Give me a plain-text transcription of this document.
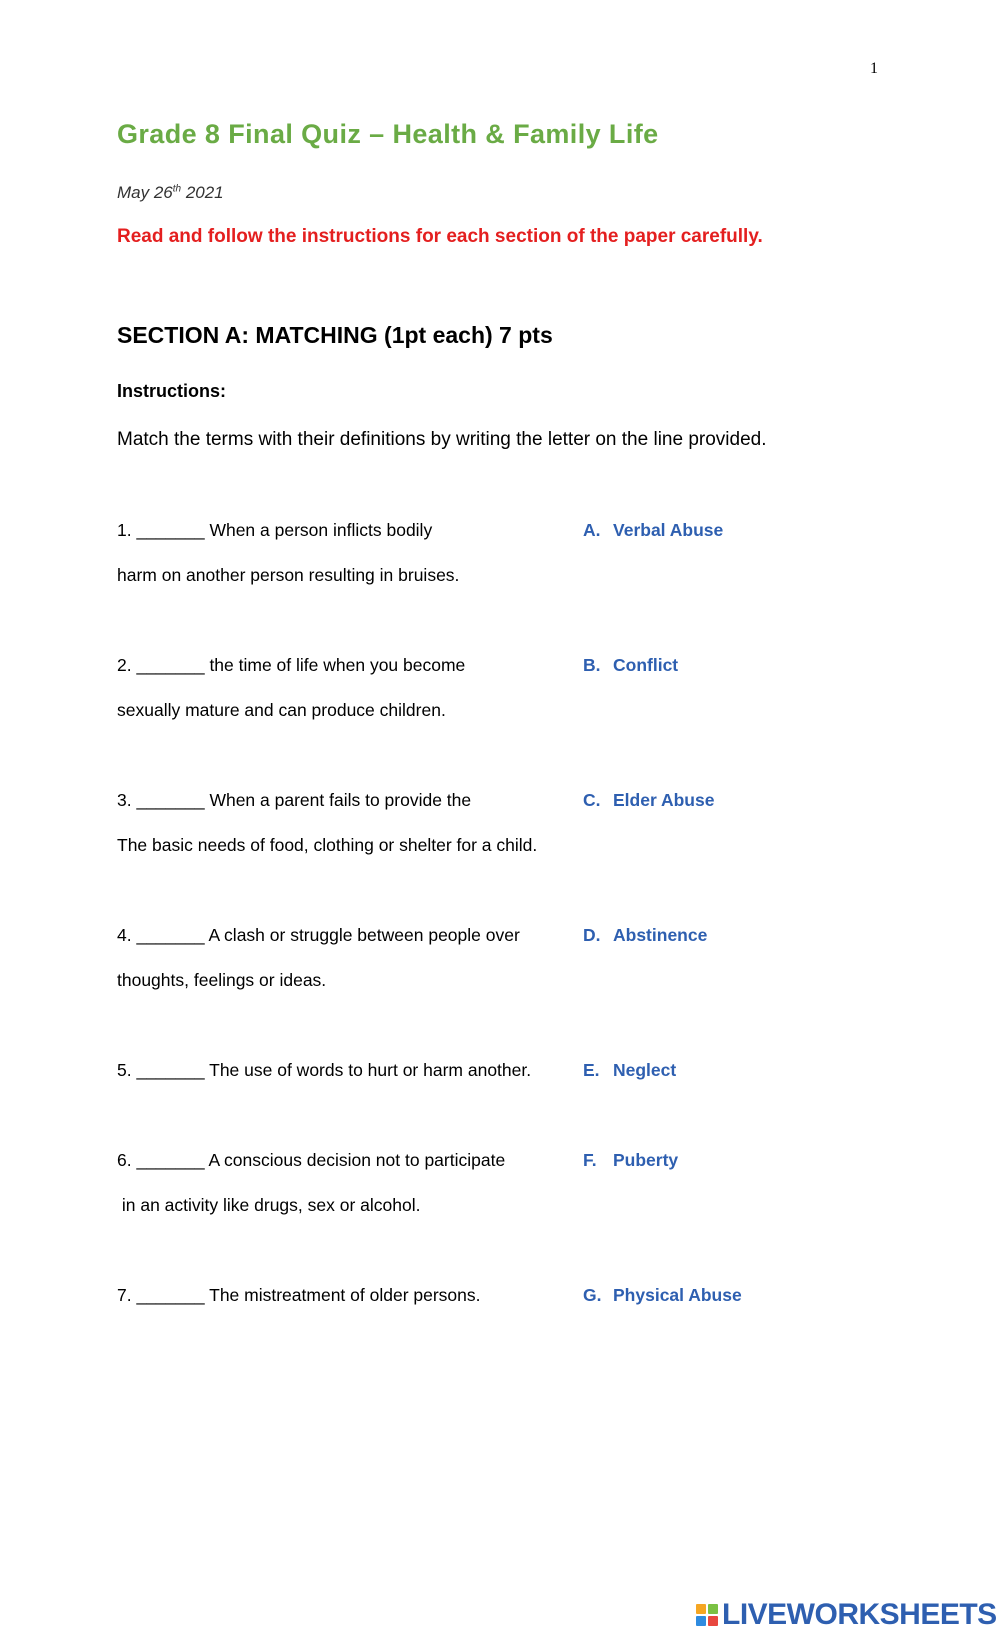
1
Grade 8 Final Quiz – Health & Family Life
May 26th 2021
Read and follow the instructions for each section of the paper carefully.
SECTION A: MATCHING (1pt each) 7 pts
Instructions:
Match the terms with their definitions by writing the letter on the line provided.
1. _______ When a person inflicts bodily
harm on another person resulting in bruises.
2. _______ the time of life when you become
sexually mature and can produce children.
3. _______ When a parent fails to provide the
The basic needs of food, clothing or shelter for a child.
4. _______ A clash or struggle between people over
thoughts, feelings or ideas.
5. _______ The use of words to hurt or harm another.
6. _______ A conscious decision not to participate
in an activity like drugs, sex or alcohol.
7. _______ The mistreatment of older persons.
A. Verbal Abuse
B. Conflict
C. Elder Abuse
D. Abstinence
E. Neglect
F. Puberty
G. Physical Abuse
LIVEWORKSHEETS
